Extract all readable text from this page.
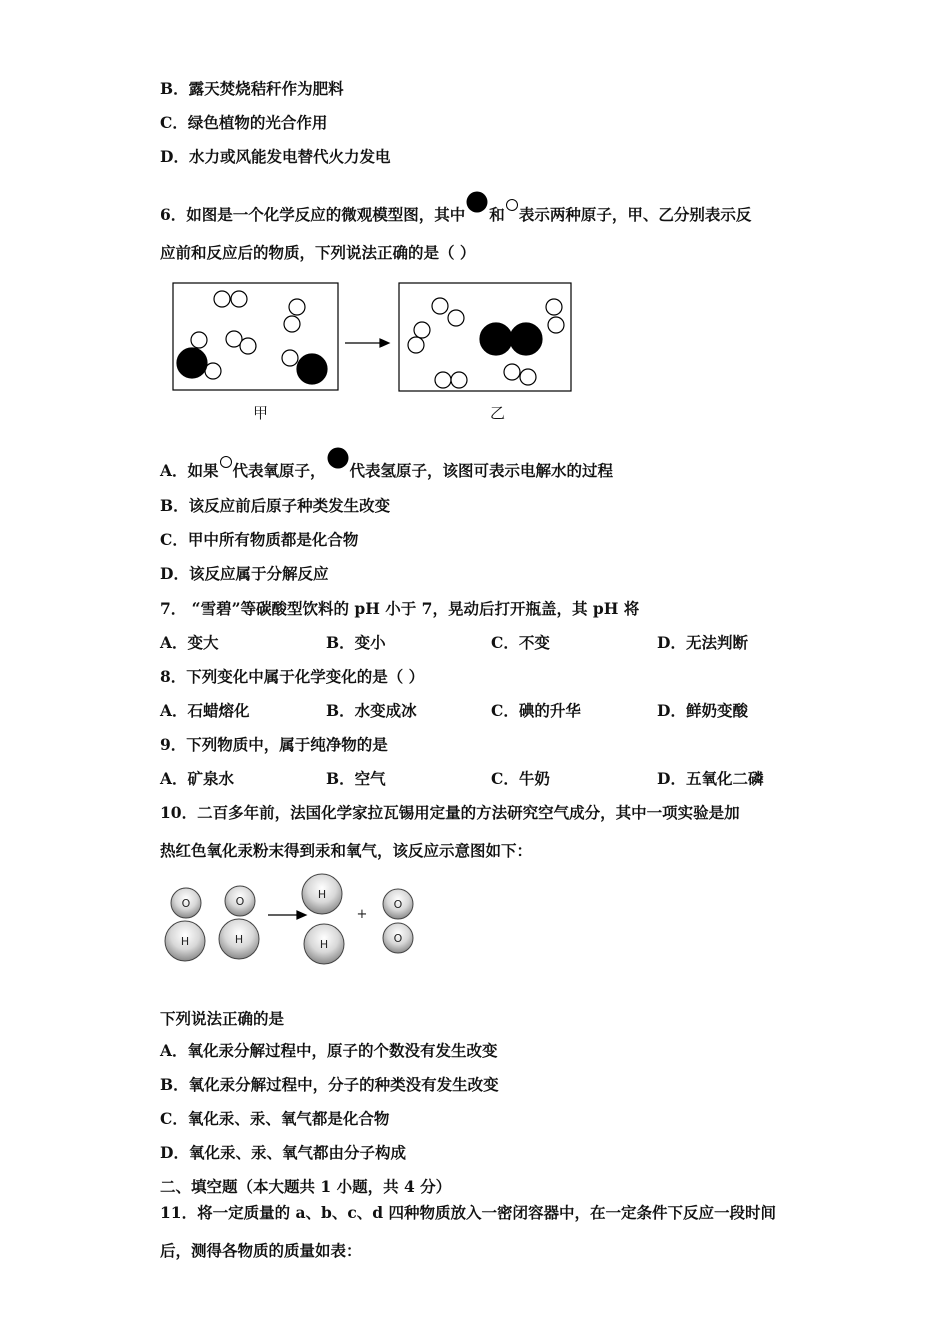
B．露天焚烧秸秆作为肥料
C．绿色植物的光合作用
D．水力或风能发电替代火力发电
6．如图是一个化学反应的微观模型图，其中 和 表示两种原子，甲、乙分别表示反
应前和反应后的物质，下列说法正确的是（ ）
甲	乙
A．如果 代表氧原子， 代表氢原子，该图可表示电解水的过程
B．该反应前后原子种类发生改变
C．甲中所有物质都是化合物
D．该反应属于分解反应
7． “雪碧”等碳酸型饮料的 pH 小于 7，晃动后打开瓶盖，其 pH 将
A．变大	B．变小	C．不变	D．无法判断
8．下列变化中属于化学变化的是（ ）
A．石蜡熔化	B．水变成冰	C．碘的升华	D．鲜奶变酸
9．下列物质中，属于纯净物的是
A．矿泉水	B．空气	C．牛奶	D．五氧化二磷
10．二百多年前，法国化学家拉瓦锡用定量的方法研究空气成分，其中一项实验是加
热红色氧化汞粉末得到汞和氧气，该反应示意图如下：
O
H
O
H
H
H
O
O
+
下列说法正确的是
A．氧化汞分解过程中，原子的个数没有发生改变
B．氧化汞分解过程中，分子的种类没有发生改变
C．氧化汞、汞、氧气都是化合物
D．氧化汞、汞、氧气都由分子构成
二、填空题（本大题共 1 小题，共 4 分）
11．将一定质量的 a、b、c、d 四种物质放入一密闭容器中，在一定条件下反应一段时间
后，测得各物质的质量如表：
